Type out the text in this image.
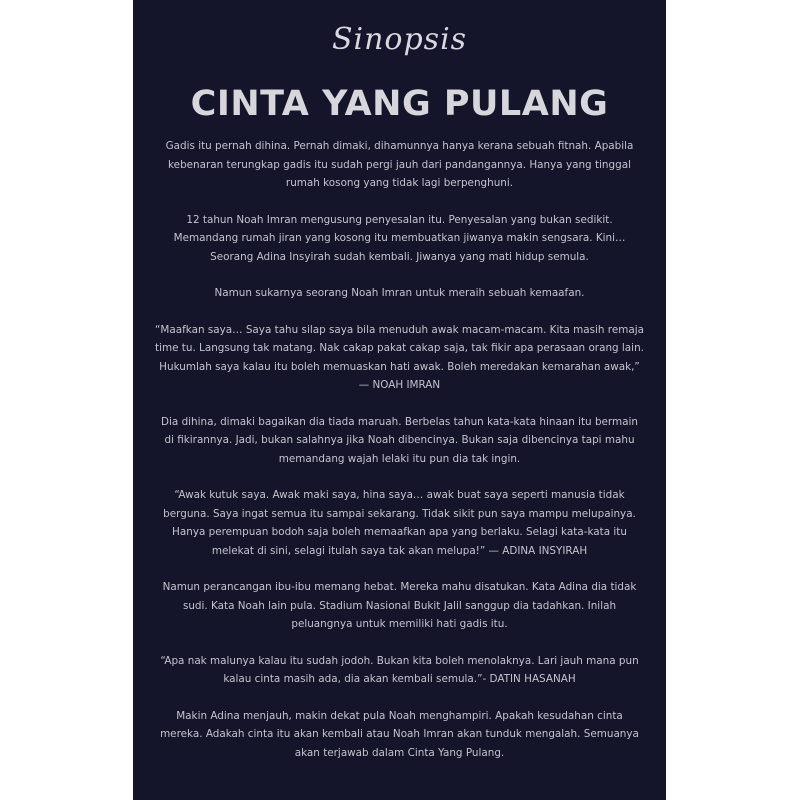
Sinopsis
CINTA YANG PULANG

Gadis itu pernah dihina. Pernah dimaki, dihamunnya hanya kerana sebuah fitnah. Apabila kebenaran terungkap gadis itu sudah pergi jauh dari pandangannya. Hanya yang tinggal rumah kosong yang tidak lagi berpenghuni.

12 tahun Noah Imran mengusung penyesalan itu. Penyesalan yang bukan sedikit. Memandang rumah jiran yang kosong itu membuatkan jiwanya makin sengsara. Kini… Seorang Adina Insyirah sudah kembali. Jiwanya yang mati hidup semula.

Namun sukarnya seorang Noah Imran untuk meraih sebuah kemaafan.

“Maafkan saya… Saya tahu silap saya bila menuduh awak macam-macam. Kita masih remaja time tu. Langsung tak matang. Nak cakap pakat cakap saja, tak fikir apa perasaan orang lain. Hukumlah saya kalau itu boleh memuaskan hati awak. Boleh meredakan kemarahan awak,” — NOAH IMRAN

Dia dihina, dimaki bagaikan dia tiada maruah. Berbelas tahun kata-kata hinaan itu bermain di fikirannya. Jadi, bukan salahnya jika Noah dibencinya. Bukan saja dibencinya tapi mahu memandang wajah lelaki itu pun dia tak ingin.

“Awak kutuk saya. Awak maki saya, hina saya… awak buat saya seperti manusia tidak berguna. Saya ingat semua itu sampai sekarang. Tidak sikit pun saya mampu melupainya. Hanya perempuan bodoh saja boleh memaafkan apa yang berlaku. Selagi kata-kata itu melekat di sini, selagi itulah saya tak akan melupa!” — ADINA INSYIRAH

Namun perancangan ibu-ibu memang hebat. Mereka mahu disatukan. Kata Adina dia tidak sudi. Kata Noah lain pula. Stadium Nasional Bukit Jalil sanggup dia tadahkan. Inilah peluangnya untuk memiliki hati gadis itu.

“Apa nak malunya kalau itu sudah jodoh. Bukan kita boleh menolaknya. Lari jauh mana pun kalau cinta masih ada, dia akan kembali semula.”- DATIN HASANAH

Makin Adina menjauh, makin dekat pula Noah menghampiri. Apakah kesudahan cinta mereka. Adakah cinta itu akan kembali atau Noah Imran akan tunduk mengalah. Semuanya akan terjawab dalam Cinta Yang Pulang.
